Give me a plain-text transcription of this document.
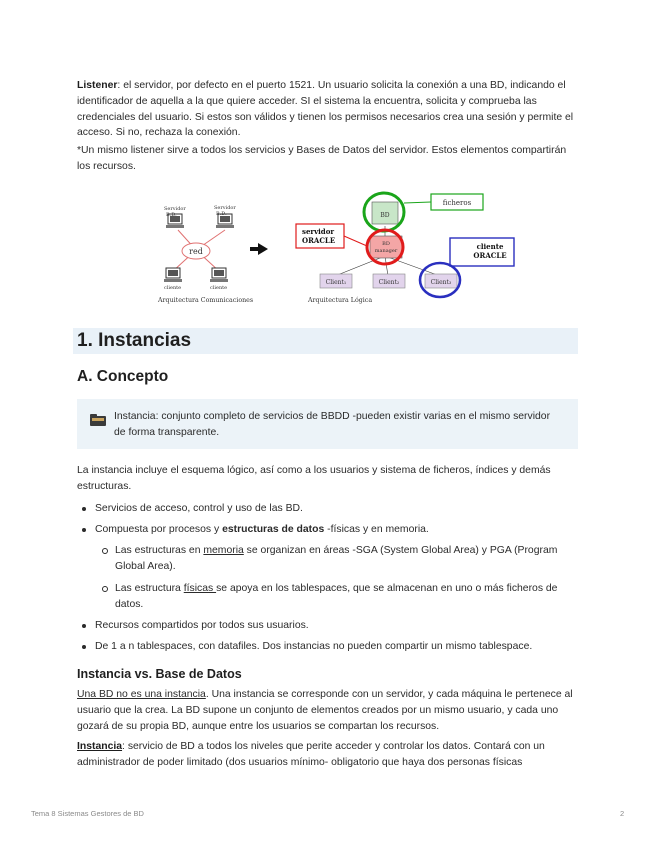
Listener: el servidor, por defecto en el puerto 1521. Un usuario solicita la conexión a una BD, indicando el identificador de aquella a la que quiere acceder. SI el sistema la encuentra, solicita y comprueba las credenciales del usuario. Si estos son válidos y tienen los permisos necesarios crea una sesión y permite el acceso. Si no, rechaza la conexión.

*Un mismo listener sirve a todos los servicios y Bases de Datos del servidor. Estos elementos compartirán los recursos.

red
Servidor B.D.
Servidor B.D.
cliente	cliente
Arquitectura Comunicaciones
BD
ficheros
BD manager
servidor ORACLE
cliente ORACLE
Client₁	Client₂	Client₃
Arquitectura Lógica
1. Instancias
A. Concepto
Instancia: conjunto completo de servicios de BBDD -pueden existir varias en el mismo servidor de forma transparente.

La instancia incluye el esquema lógico, así como a los usuarios y sistema de ficheros, índices y demás estructuras.

Servicios de acceso, control y uso de las BD.
Compuesta por procesos y estructuras de datos -físicas y en memoria.
Las estructuras en memoria se organizan en áreas -SGA (System Global Area) y PGA (Program Global Area).
Las estructura físicas se apoya en los tablespaces, que se almacenan en uno o más ficheros de datos.
Recursos compartidos por todos sus usuarios.
De 1 a n tablespaces, con datafiles. Dos instancias no pueden compartir un mismo tablespace.
Instancia vs. Base de Datos

Una BD no es una instancia. Una instancia se corresponde con un servidor, y cada máquina le pertenece al usuario que la crea. La BD supone un conjunto de elementos creados por un mismo usuario, y cada uno gozará de su propia BD, aunque entre los usuarios se compartan los recursos.

Instancia: servicio de BD a todos los niveles que perite acceder y controlar los datos. Contará con un administrador de poder limitado (dos usuarios mínimo- obligatorio que haya dos personas físicas

Tema 8 Sistemas Gestores de BD	2
